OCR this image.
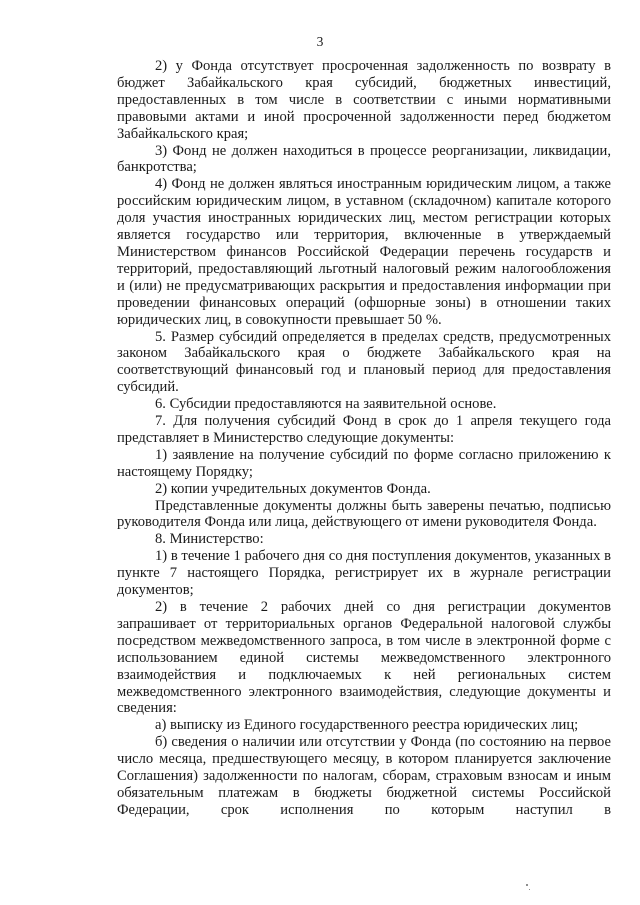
3

2) у Фонда отсутствует просроченная задолженность по возврату в бюджет Забайкальского края субсидий, бюджетных инвестиций, предоставленных в том числе в соответствии с иными нормативными правовыми актами и иной просроченной задолженности перед бюджетом Забайкальского края;

3) Фонд не должен находиться в процессе реорганизации, ликвидации, банкротства;

4) Фонд не должен являться иностранным юридическим лицом, а также российским юридическим лицом, в уставном (складочном) капитале которого доля участия иностранных юридических лиц, местом регистрации которых является государство или территория, включенные в утверждаемый Министерством финансов Российской Федерации перечень государств и территорий, предоставляющий льготный налоговый режим налогообложения и (или) не предусматривающих раскрытия и предоставления информации при проведении финансовых операций (офшорные зоны) в отношении таких юридических лиц, в совокупности превышает 50 %.

5. Размер субсидий определяется в пределах средств, предусмотренных законом Забайкальского края о бюджете Забайкальского края на соответствующий финансовый год и плановый период для предоставления субсидий.

6. Субсидии предоставляются на заявительной основе.

7. Для получения субсидий Фонд в срок до 1 апреля текущего года представляет в Министерство следующие документы:

1) заявление на получение субсидий по форме согласно приложению к настоящему Порядку;

2) копии учредительных документов Фонда.

Представленные документы должны быть заверены печатью, подписью руководителя Фонда или лица, действующего от имени руководителя Фонда.

8. Министерство:

1) в течение 1 рабочего дня со дня поступления документов, указанных в пункте 7 настоящего Порядка, регистрирует их в журнале регистрации документов;

2) в течение 2 рабочих дней со дня регистрации документов запрашивает от территориальных органов Федеральной налоговой службы посредством межведомственного запроса, в том числе в электронной форме с использованием единой системы межведомственного электронного взаимодействия и подключаемых к ней региональных систем межведомственного электронного взаимодействия, следующие документы и сведения:

а) выписку из Единого государственного реестра юридических лиц;

б) сведения о наличии или отсутствии у Фонда (по состоянию на первое число месяца, предшествующего месяцу, в котором планируется заключение Соглашения) задолженности по налогам, сборам, страховым взносам и иным обязательным платежам в бюджеты бюджетной системы Российской Федерации, срок исполнения по которым наступил в
